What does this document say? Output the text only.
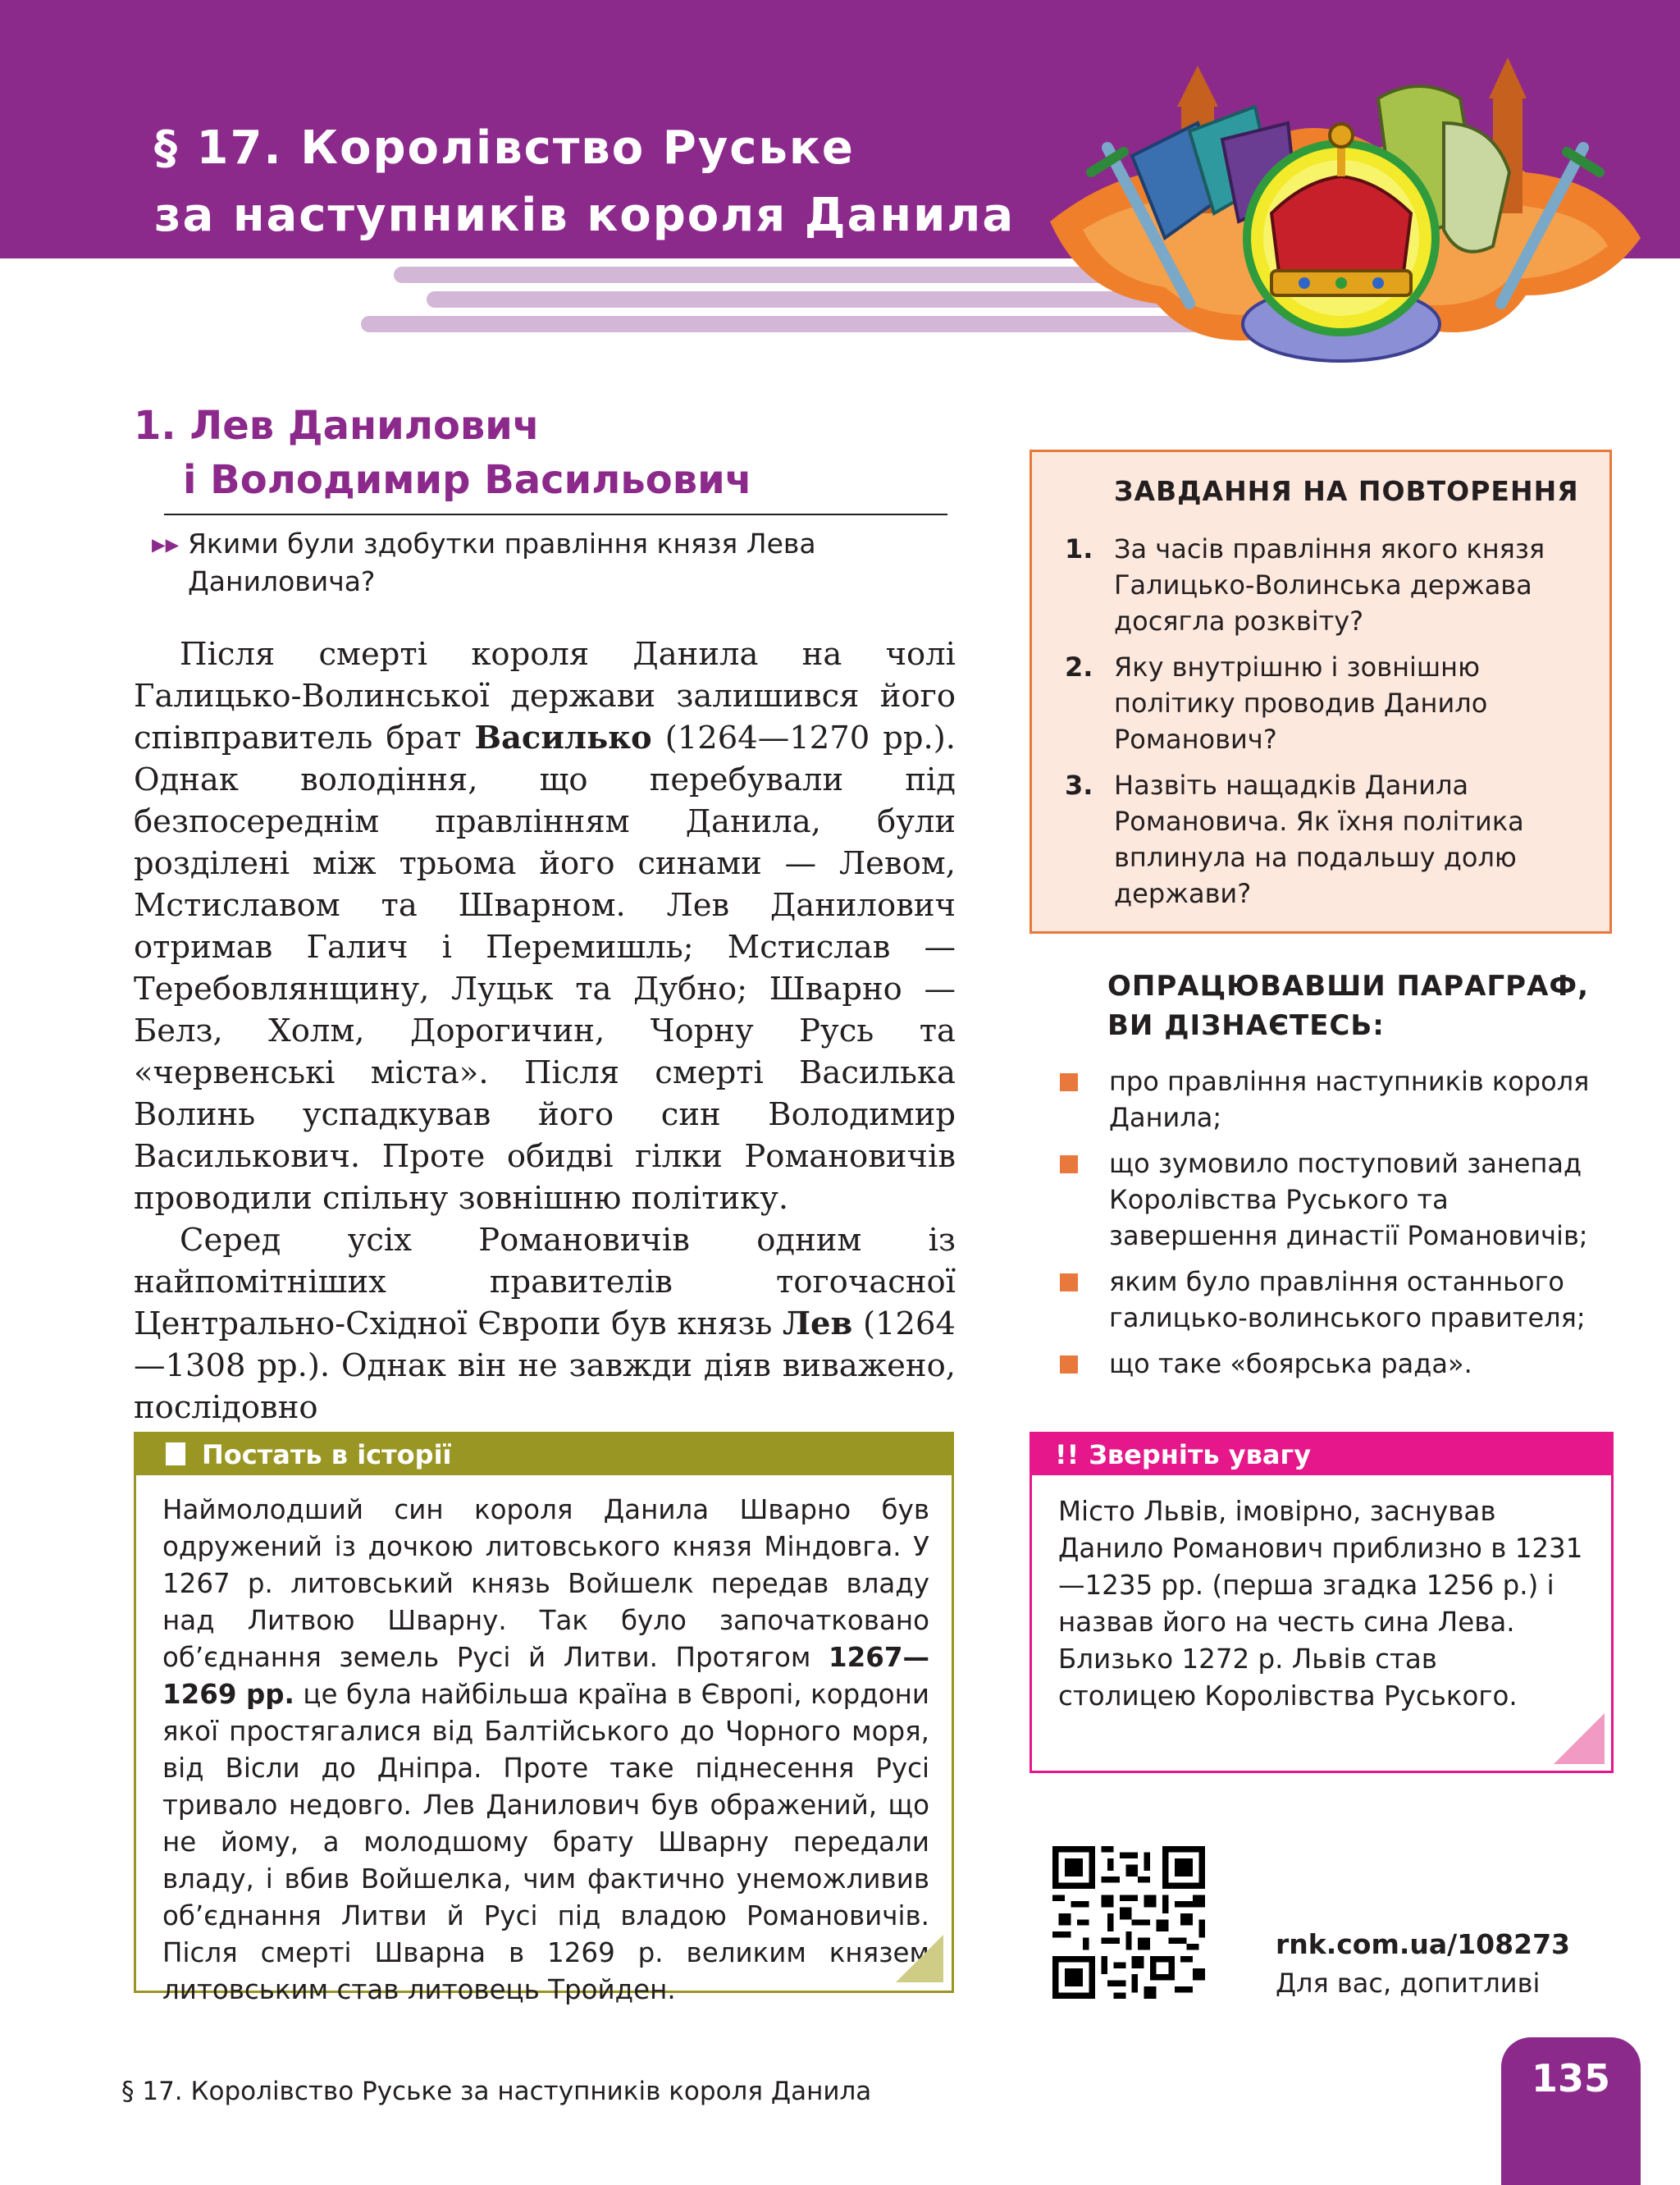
§ 17. Королівство Руське
за наступників короля Данила
1. Лев Данилович
і Володимир Васильович
▸▸ Якими були здобутки правління князя Лева Даниловича?

Після смерті короля Данила на чолі Галицько-Волинської держави залишився його співправитель брат Василько (1264—1270 рр.). Однак володіння, що перебували під безпосереднім правлінням Данила, були розділені між трьома його синами — Левом, Мстиславом та Шварном. Лев Данилович отримав Галич і Перемишль; Мстислав — Теребовлянщину, Луцьк та Дубно; Шварно — Белз, Холм, Дорогичин, Чорну Русь та «червенські міста». Після смерті Василька Волинь успадкував його син Володимир Василькович. Проте обидві гілки Романовичів проводили спільну зовнішню політику.

Серед усіх Романовичів одним із найпомітніших правителів тогочасної Центрально-Східної Європи був князь Лев (1264—1308 рр.). Однак він не завжди діяв виважено, послідовно

Постать в історії
Наймолодший син короля Данила Шварно був одружений із дочкою литовського князя Міндовга. У 1267 р. литовський князь Войшелк передав владу над Литвою Шварну. Так було започатковано об’єднання земель Русі й Литви. Протягом 1267—1269 рр. це була найбільша країна в Європі, кордони якої простягалися від Балтійського до Чорного моря, від Вісли до Дніпра. Проте таке піднесення Русі тривало недовго. Лев Данилович був ображений, що не йому, а молодшому брату Шварну передали владу, і вбив Войшелка, чим фактично унеможливив об’єднання Литви й Русі під владою Романовичів. Після смерті Шварна в 1269 р. великим князем литовським став литовець Тройден.
ЗАВДАННЯ НА ПОВТОРЕННЯ
1. За часів правління якого князя Галицько-Волинська держава досягла розквіту?
2. Яку внутрішню і зовнішню політику проводив Данило Романович?
3. Назвіть нащадків Данила Романовича. Як їхня політика вплинула на подальшу долю держави?
ОПРАЦЮВАВШИ ПАРАГРАФ,
ВИ ДІЗНАЄТЕСЬ:
про правління наступників короля Данила;
що зумовило поступовий занепад Королівства Руського та завершення династії Романовичів;
яким було правління останнього галицько-волинського правителя;
що таке «боярська рада».
!! Зверніть увагу
Місто Львів, імовірно, заснував Данило Романович приблизно в 1231—1235 рр. (перша згадка 1256 р.) і назвав його на честь сина Лева. Близько 1272 р. Львів став столицею Королівства Руського.
rnk.com.ua/108273
Для вас, допитливі
§ 17. Королівство Руське за наступників короля Данила	135
